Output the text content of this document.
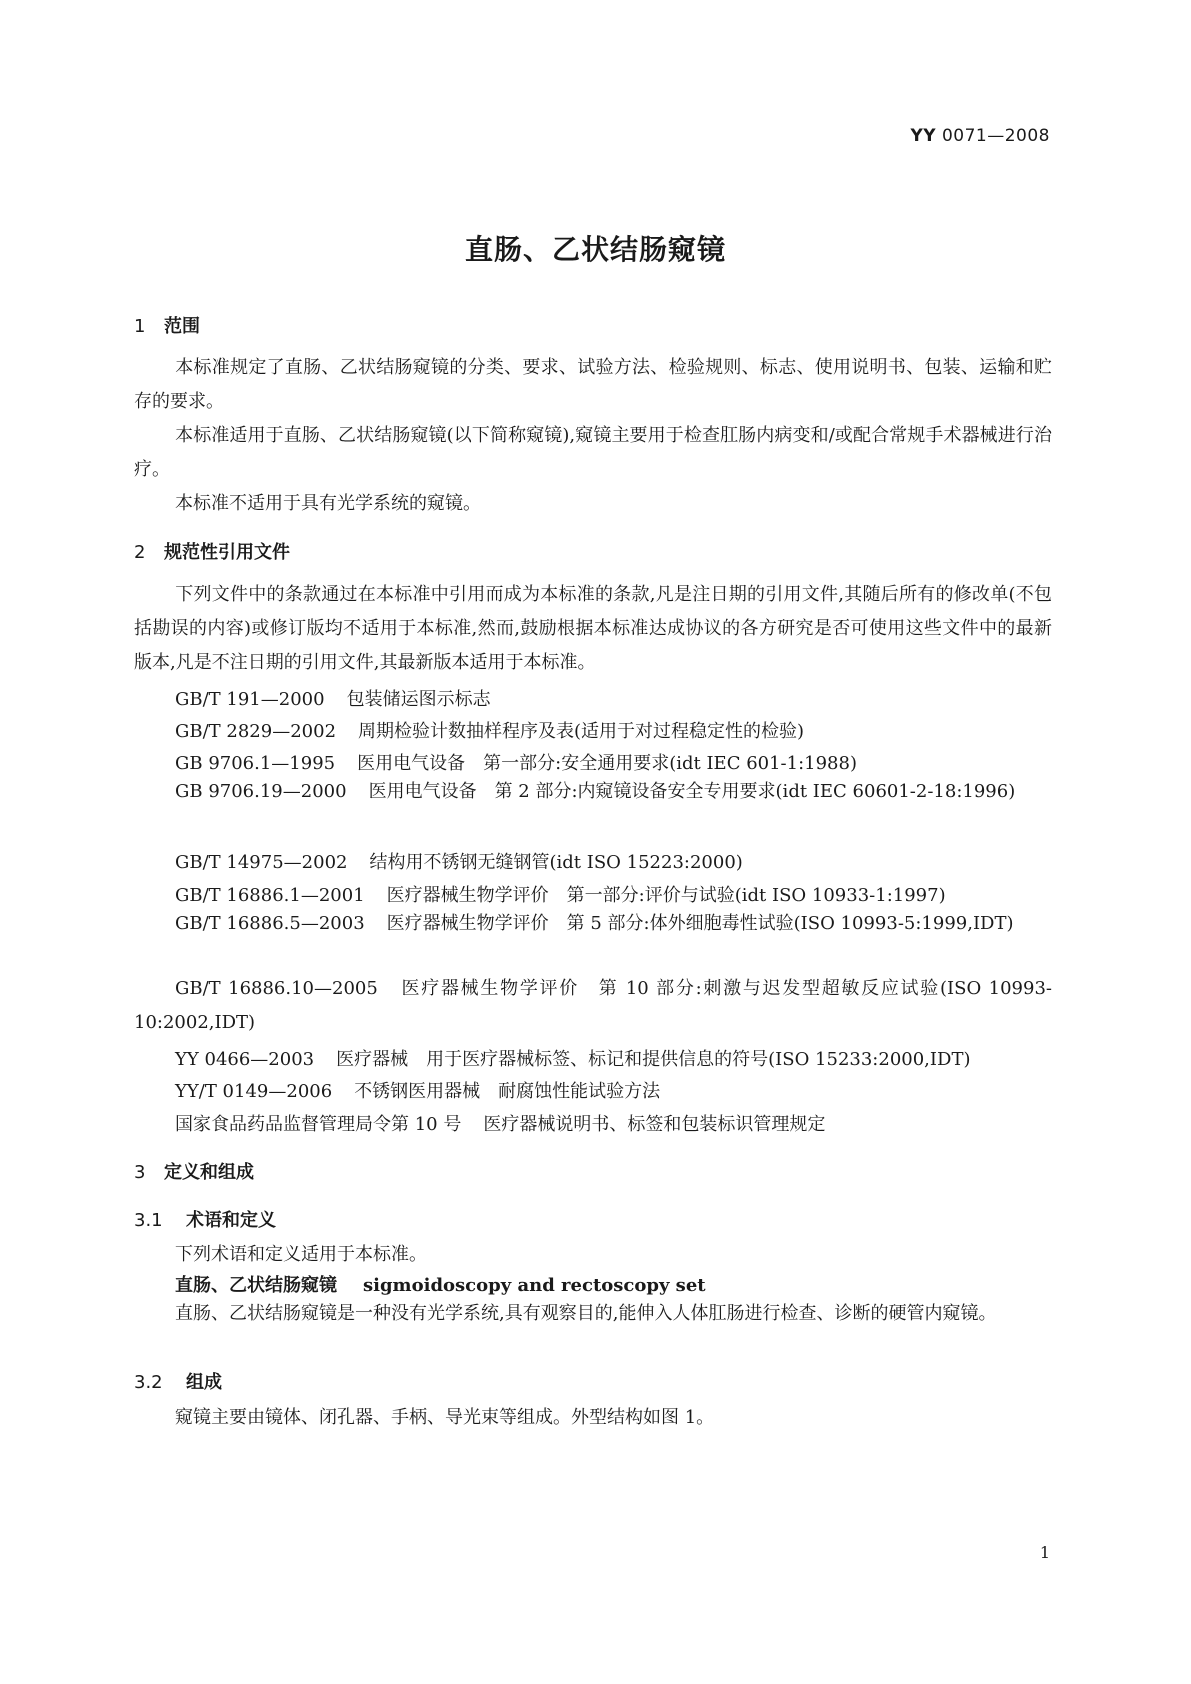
YY 0071—2008
直肠、乙状结肠窥镜
1 范围
本标准规定了直肠、乙状结肠窥镜的分类、要求、试验方法、检验规则、标志、使用说明书、包装、运输和贮存的要求。
本标准适用于直肠、乙状结肠窥镜(以下简称窥镜),窥镜主要用于检查肛肠内病变和/或配合常规手术器械进行治疗。
本标准不适用于具有光学系统的窥镜。
2 规范性引用文件
下列文件中的条款通过在本标准中引用而成为本标准的条款,凡是注日期的引用文件,其随后所有的修改单(不包括勘误的内容)或修订版均不适用于本标准,然而,鼓励根据本标准达成协议的各方研究是否可使用这些文件中的最新版本,凡是不注日期的引用文件,其最新版本适用于本标准。
GB/T 191—2000 包装储运图示标志
GB/T 2829—2002 周期检验计数抽样程序及表(适用于对过程稳定性的检验)
GB 9706.1—1995 医用电气设备　第一部分:安全通用要求(idt IEC 601-1:1988)
GB 9706.19—2000 医用电气设备　第 2 部分:内窥镜设备安全专用要求(idt IEC 60601-2-18:1996)
GB/T 14975—2002 结构用不锈钢无缝钢管(idt ISO 15223:2000)
GB/T 16886.1—2001 医疗器械生物学评价　第一部分:评价与试验(idt ISO 10933-1:1997)
GB/T 16886.5—2003 医疗器械生物学评价　第 5 部分:体外细胞毒性试验(ISO 10993-5:1999,IDT)
GB/T 16886.10—2005 医疗器械生物学评价　第 10 部分:刺激与迟发型超敏反应试验(ISO 10993-10:2002,IDT)
YY 0466—2003 医疗器械　用于医疗器械标签、标记和提供信息的符号(ISO 15233:2000,IDT)
YY/T 0149—2006 不锈钢医用器械　耐腐蚀性能试验方法
国家食品药品监督管理局令第 10 号 医疗器械说明书、标签和包装标识管理规定
3 定义和组成
3.1 术语和定义
下列术语和定义适用于本标准。
直肠、乙状结肠窥镜 sigmoidoscopy and rectoscopy set
直肠、乙状结肠窥镜是一种没有光学系统,具有观察目的,能伸入人体肛肠进行检查、诊断的硬管内窥镜。
3.2 组成
窥镜主要由镜体、闭孔器、手柄、导光束等组成。外型结构如图 1。
1
